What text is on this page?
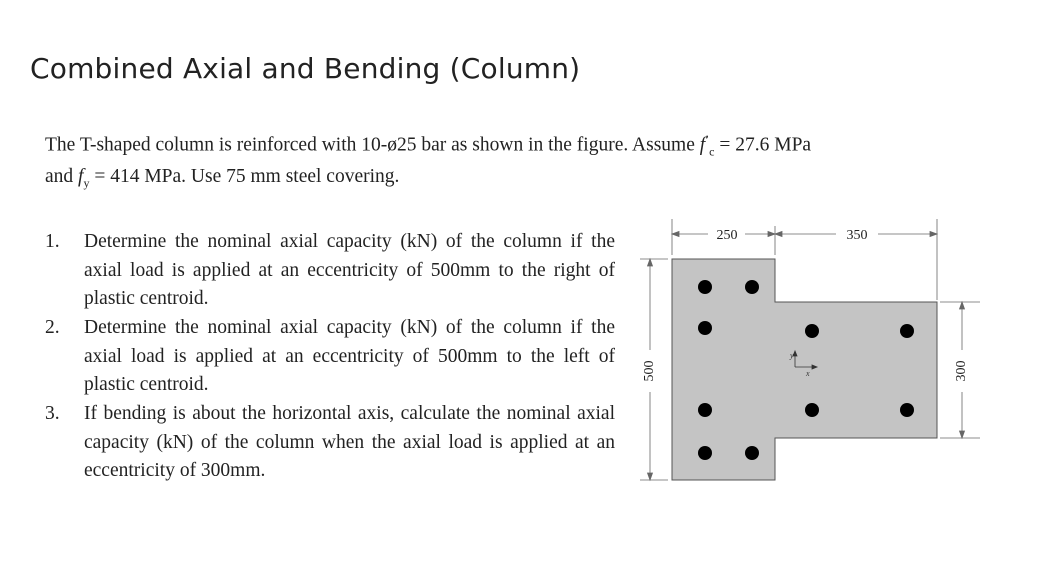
Combined Axial and Bending (Column)
The T-shaped column is reinforced with 10-ø25 bar as shown in the figure. Assume $f^’_c = 27.6$ MPa
and $f_y = 414$ MPa. Use 75 mm steel covering.
1. Determine the nominal axial capacity (kN) of the column if the axial load is applied at an eccentricity of 500mm to the right of plastic centroid.
2. Determine the nominal axial capacity (kN) of the column if the axial load is applied at an eccentricity of 500mm to the left of plastic centroid.
3. If bending is about the horizontal axis, calculate the nominal axial capacity (kN) of the column when the axial load is applied at an eccentricity of 300mm.
250	350
500	300
y
x
